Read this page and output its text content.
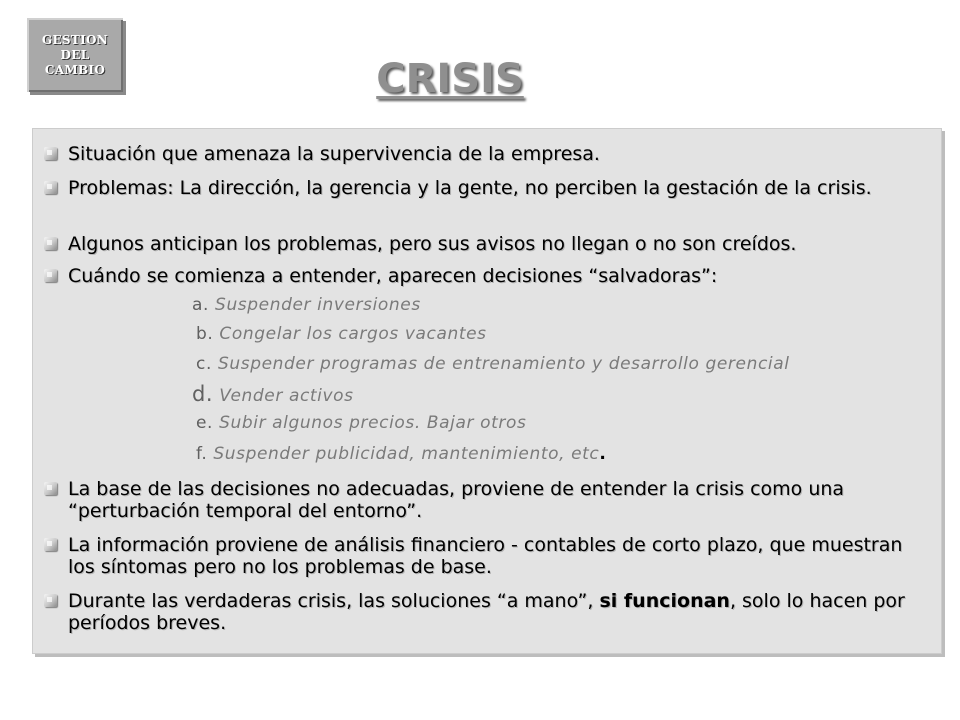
GESTION
DEL
CAMBIO	CRISIS
Situación que amenaza la supervivencia de la empresa.
Problemas: La dirección, la gerencia y la gente, no perciben la gestación de la crisis.
Algunos anticipan los problemas, pero sus avisos no llegan o no son creídos.
Cuándo se comienza a entender, aparecen decisiones “salvadoras”:
a. Suspender inversiones
b. Congelar los cargos vacantes
c. Suspender programas de entrenamiento y desarrollo gerencial
d. Vender activos
e. Subir algunos precios. Bajar otros
f. Suspender publicidad, mantenimiento, etc.
La base de las decisiones no adecuadas, proviene de entender la crisis como una “perturbación temporal del entorno”.
La información proviene de análisis financiero - contables de corto plazo, que muestran los síntomas pero no los problemas de base.
Durante las verdaderas crisis, las soluciones “a mano”, si funcionan, solo lo hacen por períodos breves.
